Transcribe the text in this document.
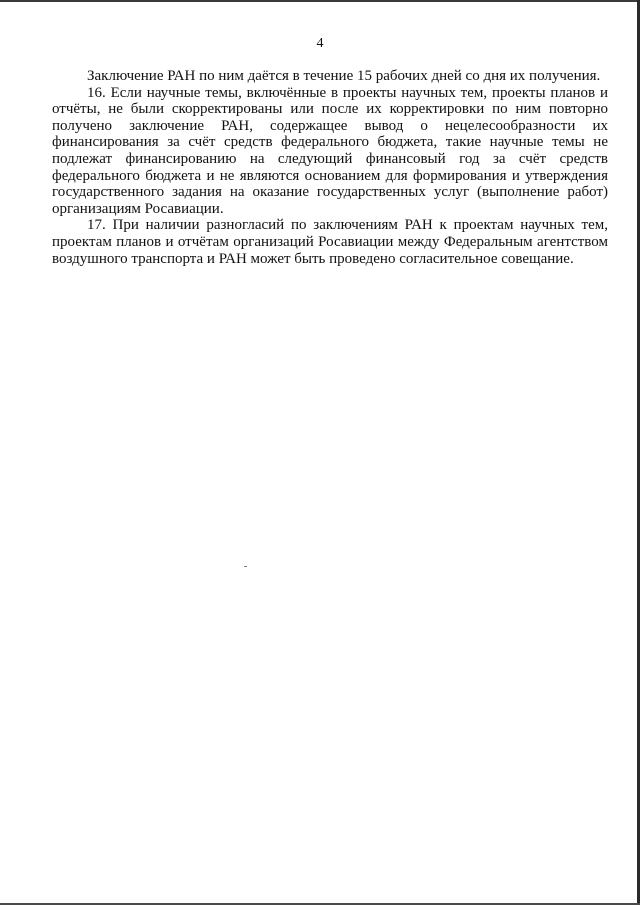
4

Заключение РАН по ним даётся в течение 15 рабочих дней со дня их получения.

16. Если научные темы, включённые в проекты научных тем, проекты планов и отчёты, не были скорректированы или после их корректировки по ним повторно получено заключение РАН, содержащее вывод о нецелесообразности их финансирования за счёт средств федерального бюджета, такие научные темы не подлежат финансированию на следующий финансовый год за счёт средств федерального бюджета и не являются основанием для формирования и утверждения государственного задания на оказание государственных услуг (выполнение работ) организациям Росавиации.

17. При наличии разногласий по заключениям РАН к проектам научных тем, проектам планов и отчётам организаций Росавиации между Федеральным агентством воздушного транспорта и РАН может быть проведено согласительное совещание.
